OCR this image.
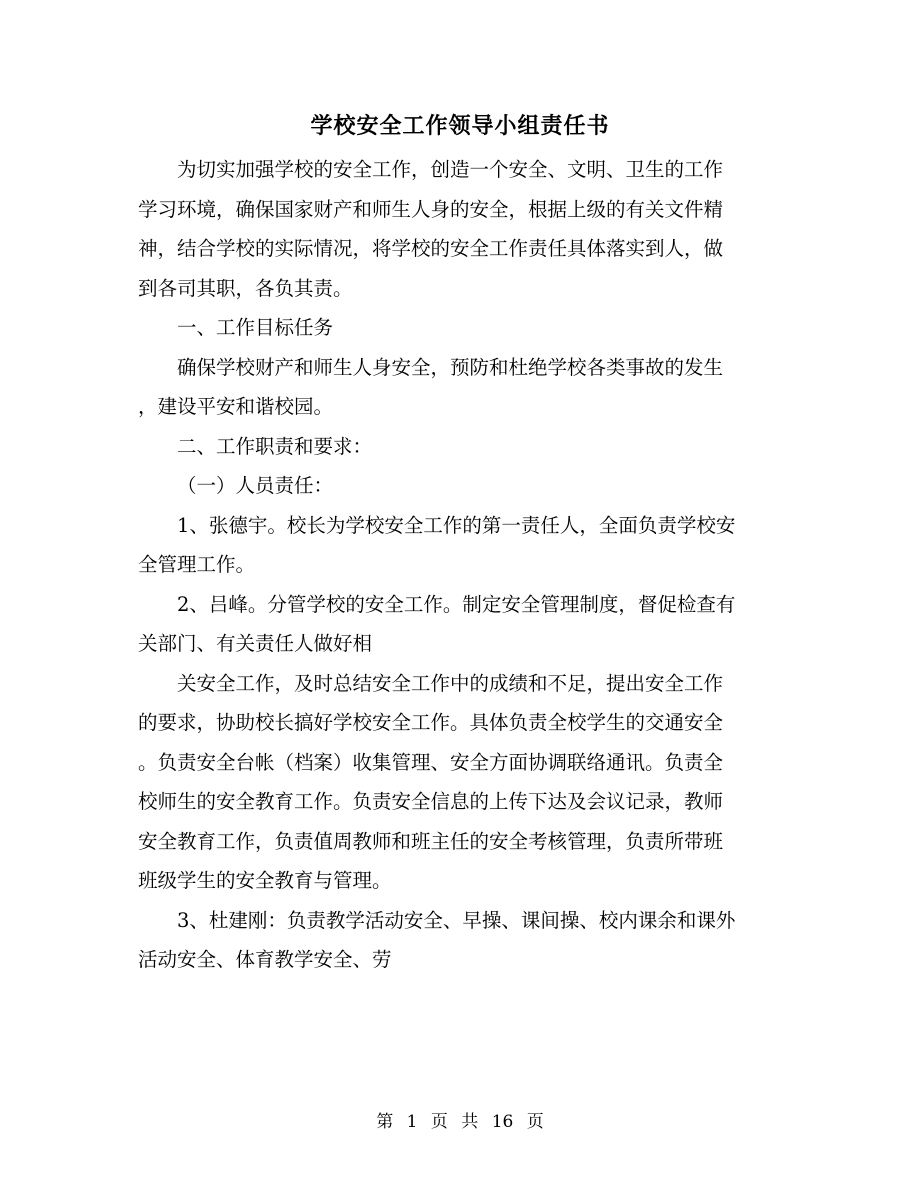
学校安全工作领导小组责任书
为切实加强学校的安全工作，创造一个安全、文明、卫生的工作
学习环境，确保国家财产和师生人身的安全，根据上级的有关文件精
神，结合学校的实际情况，将学校的安全工作责任具体落实到人，做
到各司其职，各负其责。
一、工作目标任务
确保学校财产和师生人身安全，预防和杜绝学校各类事故的发生
，建设平安和谐校园。
二、工作职责和要求：
（一）人员责任：
1、张德宇。校长为学校安全工作的第一责任人，全面负责学校安
全管理工作。
2、吕峰。分管学校的安全工作。制定安全管理制度，督促检查有
关部门、有关责任人做好相
关安全工作，及时总结安全工作中的成绩和不足，提出安全工作
的要求，协助校长搞好学校安全工作。具体负责全校学生的交通安全
。负责安全台帐（档案）收集管理、安全方面协调联络通讯。负责全
校师生的安全教育工作。负责安全信息的上传下达及会议记录，教师
安全教育工作，负责值周教师和班主任的安全考核管理，负责所带班
班级学生的安全教育与管理。
3、杜建刚：负责教学活动安全、早操、课间操、校内课余和课外
活动安全、体育教学安全、劳
第 1 页 共 16 页
